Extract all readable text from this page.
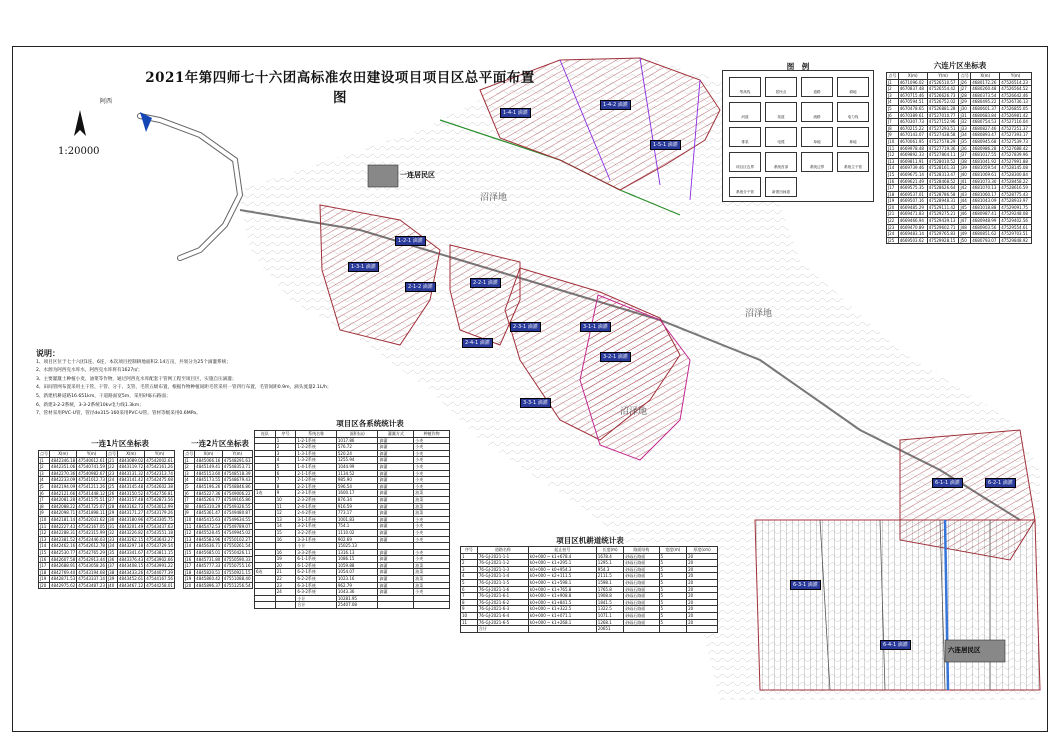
2021年第四师七十六团高标准农田建设项目项目区总平面布置图
1:20000
阿西
一连居民区
六连居民区
沼泽地
沼泽地
沼泽地
1-4-1 滴灌
1-4-2 滴灌
1-5-1 滴灌
1-2-1 滴灌
1-3-1 滴灌
2-1-2 滴灌
2-2-1 滴灌
2-3-1 滴灌
2-4-1 滴灌
3-1-1 滴灌
3-2-1 滴灌
3-3-1 滴灌
6-1-1 滴灌	6-2-1 滴灌
6-3-1 滴灌
6-4-1 滴灌
图　例
等高线	居民点	道路	耕地
河道	渠道	流路	电力线
排渠	电缆	草地	林地
项目区边界	系统首部	系统边界	系统主干管
系统分干管	新建田间道
说明：
1、项目区位于七十六团1连、6连，本次项目控制耕地面积2.14万亩，共划分为25个滴灌系统；
2、水源为阿西克水库水，阿西克水库将有1627㎡；
3、主要灌溉土种植小麦、油菜等作物，通过阿西克水库配套干管网工程至项目区，实施自压滴灌；
4、田间管网布置采用主干管、干管、分干、支管、毛管五级布置，根据作物种植间距毛管采用一管四行布置，毛管间距0.9m，滴头流量2.1L/h；
5、新建机耕道路16.651km，干道路面宽5m，采用砂砾石路面；
6、新建3-2-2系统，3-3-2系统10kv电力线1.3km；
7、管材采用PVC-U管，管径de315-160采用PVC-U管，管材等级采用0.6MPa。
一连1片区坐标表
点号	X(m)	Y(m)	点号	X(m)	Y(m)
J1	4842346.18	47540612.61	J21	4843089.02	47542002.61
J2	4842351.06	47540741.59	J22	4843119.72	47542161.26
J3	4842270.36	47540982.67	J23	4843131.32	47542313.74
J4	4842233.09	47541012.73	J24	4843141.42	47542475.68
J5	4842194.09	47541211.26	J25	4843145.48	47542602.38
J6	4842121.66	47541448.12	J26	4843150.52	47542756.81
J7	4842081.28	47541575.51	J27	4843157.48	47542873.56
J8	4842088.22	47541725.07	J28	4843162.73	47543012.99
J9	4842098.71	47541898.11	J29	4843171.27	47543179.26
J10	4842181.14	47542031.62	J30	4843180.96	47543305.75
J11	4842227.43	47542167.05	J31	4843201.49	47543437.63
J12	4842288.31	47542315.99	J32	4843226.82	47543551.18
J13	4842381.52	47542446.03	J33	4843262.15	47543643.27
J14	4842462.16	47542612.78	J34	4843297.18	47543729.54
J15	4842530.77	47542765.29	J35	4843341.67	47543811.15
J16	4842607.58	47542913.44	J36	4843376.43	47543902.66
J17	4842688.91	47543058.26	J37	4843408.15	47543991.22
J18	4842769.40	47543194.68	J38	4843433.26	47544077.39
J19	4842871.53	47543337.14	J39	4843452.61	47544167.56
J20	4842975.62	47543487.23	J40	4843467.12	47544258.01
一连2片区坐标表
点号	X(m)	Y(m)
J1	4845066.16	47548291.63
J2	4845149.41	47548353.71
J3	4845153.60	47548518.39
J4	4845173.55	47548679.43
J5	4845196.26	47548846.86
J6	4845227.36	47549006.22
J7	4845264.77	47549165.86
J8	4845310.29	47549326.55
J9	4845361.47	47549480.87
J10	4845415.63	47549634.55
J11	4845472.53	47549789.07
J12	4845528.45	47549945.02
J13	4845583.96	47550102.27
J14	4845636.71	47550261.54
J15	4845685.01	47550426.11
J16	4845731.80	47550590.33
J17	4845777.33	47550755.16
J18	4845820.51	47550921.15
J19	4845860.42	47551088.40
J20	4845896.37	47551256.54
项目区各系统统计表
连队	序号	系统名称	面积(亩)	灌溉方式	种植作物
	1	1-2-1系统	1017.86	滴灌	小麦
	2	1-2-2系统	576.72	滴灌	小麦
	3	1-3-1系统	520.24	滴灌	小麦
	4	1-3-2系统	1255.94	滴灌	小麦
	5	1-4-1系统	1044.99	滴灌	小麦
	6	2-1-1系统	1134.52	滴灌	小麦
	7	2-1-2系统	985.90	滴灌	小麦
	8	2-2-1系统	596.54	滴灌	小麦
1连	9	2-3-1系统	1600.17	滴灌	油菜
	10	2-3-2系统	876.34	滴灌	油菜
	11	2-4-1系统	916.59	滴灌	油菜
	12	2-4-2系统	773.17	滴灌	油菜
	13	3-1-1系统	1001.83	滴灌	小麦
	14	3-2-1系统	754.1	滴灌	小麦
	15	3-2-2系统	1110.02	滴灌	小麦
	16	3-3-1系统	902.69	滴灌	小麦
		小计	15025.13		
	16	3-3-2系统	1316.13	滴灌	小麦
	19	6-1-1系统	1086.15	滴灌	小麦
	20	6-1-2系统	1059.88	滴灌	油菜
6连	21	6-2-1系统	1054.07	滴灌	油菜
	22	6-2-2系统	1023.16	滴灌	油菜
	23	6-3-1系统	962.79	滴灌	油菜
	24	6-3-2系统	1043.36	滴灌	小麦
		小计	10281.95		
		合计	25407.08		
项目区机耕道统计表
序号	道路名称	起止桩号	长度(m)	路面结构	宽度(m)	厚度(cm)
1	76-GJ-2021-1-1	k0+000 ~ k1+678.4	1678.4	砂砾石路面	5	20
2	76-GJ-2021-1-2	k0+000 ~ k1+295.1	1295.1	砂砾石路面	5	20
3	76-GJ-2021-1-3	k0+000 ~ k0+954.3	954.3	砂砾石路面	5	20
4	76-GJ-2021-1-4	k0+000 ~ k2+111.5	2111.5	砂砾石路面	5	20
5	76-GJ-2021-1-5	k0+000 ~ k1+598.1	1598.1	砂砾石路面	5	20
6	76-GJ-2021-1-6	k0+000 ~ k1+765.8	1765.8	砂砾石路面	5	20
7	76-GJ-2021-6-1	k0+000 ~ k1+908.8	1908.8	砂砾石路面	5	20
8	76-GJ-2021-6-2	k0+000 ~ k1+841.5	1841.5	砂砾石路面	5	20
9	76-GJ-2021-6-3	k0+000 ~ k1+322.5	1322.5	砂砾石路面	5	20
10	76-GJ-2021-6-4	k0+000 ~ k1+071.1	1071.1	砂砾石路面	5	20
11	76-GJ-2021-6-5	k0+000 ~ k1+268.1	1268.1	砂砾石路面	5	20
	合计		20651			
六连片区坐标表
点号	X(m)	Y(m)	点号	X(m)	Y(m)
J1	4671096.02	47526510.57	J26	4680172.26	47526514.23
J2	4670837.48	47526554.42	J27	4680260.48	47526564.52
J3	4670715.46	47526626.73	J28	4680373.54	47526642.46
J4	4670594.51	47526752.02	J29	4680495.22	47526736.13
J5	4670478.65	47526881.28	J30	4680601.37	47526855.05
J6	4670389.61	47527010.77	J31	4680683.84	47526981.42
J7	4670307.73	47527152.96	J32	4680754.53	47527116.04
J8	4670215.22	47527293.51	J33	4680827.46	47527251.37
J9	4670143.07	47527438.58	J34	4680893.47	47527393.17
J10	4670061.95	47527578.29	J35	4680945.68	47527539.73
J11	4669978.48	47527719.36	J36	4680986.28	47527688.42
J12	4669892.33	47527864.11	J37	4681017.55	47527839.96
J13	4669811.91	47528010.52	J38	4681041.92	47527991.88
J14	4669739.46	47528161.33	J39	4681059.54	47528145.08
J15	4669675.14	47528313.47	J40	4681069.61	47528300.84
J16	4669621.49	47528468.52	J41	4681073.30	47528458.22
J17	4669575.35	47528626.64	J42	4681070.13	47528616.59
J18	4669537.01	47528786.58	J43	4681060.17	47528775.43
J19	4669507.16	47528948.31	J44	4681043.09	47528933.97
J20	4669485.29	47529111.42	J45	4681018.88	47529091.75
J21	4669471.83	47529275.21	J46	4680987.41	47529248.08
J22	4669466.94	47529439.13	J47	4680948.99	47529402.56
J23	4669470.89	47529602.71	J48	4680903.56	47529554.61
J24	4669483.14	47529765.83	J49	4680851.62	47529703.51
J25	4669503.62	47529928.15	J50	4680793.07	47529848.92
